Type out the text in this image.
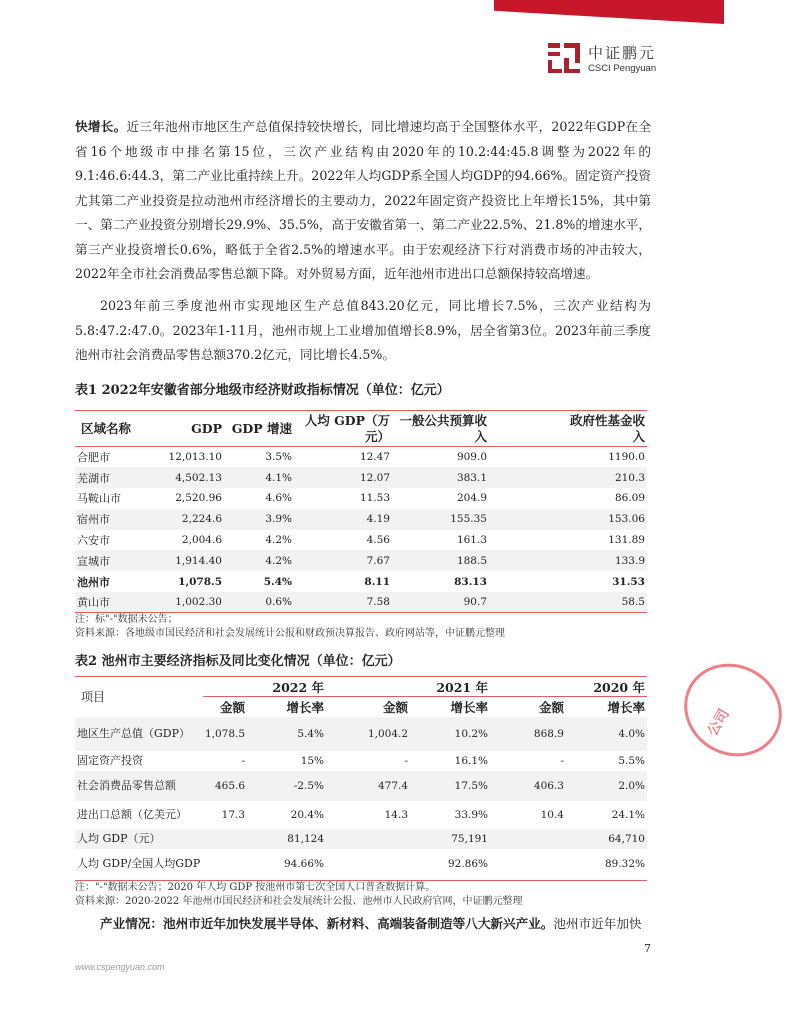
中证鹏元
CSCI Pengyuan
快增长。近三年池州市地区生产总值保持较快增长，同比增速均高于全国整体水平，2022年GDP在全省16个地级市中排名第15位，三次产业结构由2020年的10.2:44:45.8调整为2022年的9.1:46.6:44.3，第二产业比重持续上升。2022年人均GDP系全国人均GDP的94.66%。固定资产投资尤其第二产业投资是拉动池州市经济增长的主要动力，2022年固定资产投资比上年增长15%，其中第一、第二产业投资分别增长29.9%、35.5%，高于安徽省第一、第二产业22.5%、21.8%的增速水平，第三产业投资增长0.6%，略低于全省2.5%的增速水平。由于宏观经济下行对消费市场的冲击较大，2022年全市社会消费品零售总额下降。对外贸易方面，近年池州市进出口总额保持较高增速。
2023年前三季度池州市实现地区生产总值843.20亿元，同比增长7.5%，三次产业结构为5.8:47.2:47.0。2023年1-11月，池州市规上工业增加值增长8.9%，居全省第3位。2023年前三季度池州市社会消费品零售总额370.2亿元，同比增长4.5%。
表1 2022年安徽省部分地级市经济财政指标情况（单位：亿元）
区域名称	GDP	GDP 增速	人均 GDP（万元）	一般公共预算收入	政府性基金收入
合肥市	12,013.10	3.5%	12.47	909.0	1190.0
芜湖市	4,502.13	4.1%	12.07	383.1	210.3
马鞍山市	2,520.96	4.6%	11.53	204.9	86.09
宿州市	2,224.6	3.9%	4.19	155.35	153.06
六安市	2,004.6	4.2%	4.56	161.3	131.89
宣城市	1,914.40	4.2%	7.67	188.5	133.9
池州市	1,078.5	5.4%	8.11	83.13	31.53
黄山市	1,002.30	0.6%	7.58	90.7	58.5
注：标"-"数据未公告；
资料来源：各地级市国民经济和社会发展统计公报和财政预决算报告、政府网站等，中证鹏元整理
表2 池州市主要经济指标及同比变化情况（单位：亿元）
项目	2022 年		2021 年		2020 年	
	金额	增长率	金额	增长率	金额	增长率
地区生产总值（GDP）	1,078.5	5.4%	1,004.2	10.2%	868.9	4.0%
固定资产投资	-	15%	-	16.1%	-	5.5%
社会消费品零售总额	465.6	-2.5%	477.4	17.5%	406.3	2.0%
进出口总额（亿美元）	17.3	20.4%	14.3	33.9%	10.4	24.1%
人均 GDP（元）		81,124		75,191		64,710
人均 GDP/全国人均GDP		94.66%		92.86%		89.32%
注："-"数据未公告；2020 年人均 GDP 按池州市第七次全国人口普查数据计算。
资料来源：2020-2022 年池州市国民经济和社会发展统计公报、池州市人民政府官网，中证鹏元整理
产业情况：池州市近年加快发展半导体、新材料、高端装备制造等八大新兴产业。池州市近年加快
7
www.cspengyuan.com
公司
